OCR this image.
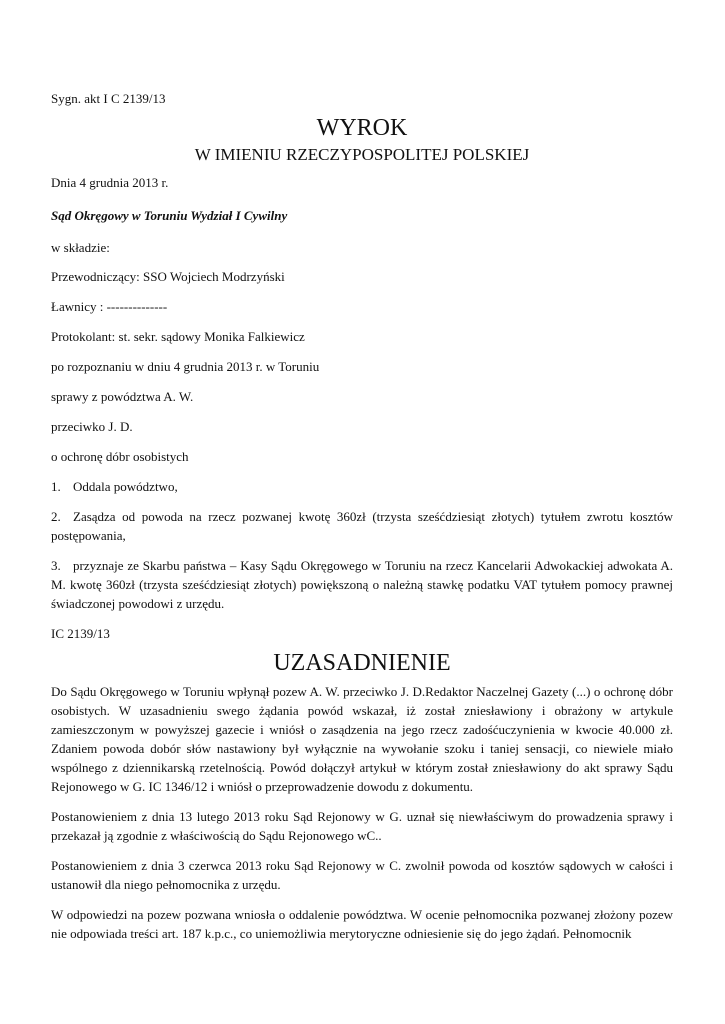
Sygn. akt I C 2139/13

WYROK

W IMIENIU RZECZYPOSPOLITEJ POLSKIEJ

Dnia 4 grudnia 2013 r.

Sąd Okręgowy w Toruniu Wydział I Cywilny

w składzie:

Przewodniczący: SSO Wojciech Modrzyński

Ławnicy : --------------

Protokolant: st. sekr. sądowy Monika Falkiewicz

po rozpoznaniu w dniu 4 grudnia 2013 r. w Toruniu

sprawy z powództwa A. W.

przeciwko J. D.

o ochronę dóbr osobistych

1. Oddala powództwo,

2. Zasądza od powoda na rzecz pozwanej kwotę 360zł (trzysta sześćdziesiąt złotych) tytułem zwrotu kosztów postępowania,

3. przyznaje ze Skarbu państwa – Kasy Sądu Okręgowego w Toruniu na rzecz Kancelarii Adwokackiej adwokata A. M. kwotę 360zł (trzysta sześćdziesiąt złotych) powiększoną o należną stawkę podatku VAT tytułem pomocy prawnej świadczonej powodowi z urzędu.

IC 2139/13

UZASADNIENIE

Do Sądu Okręgowego w Toruniu wpłynął pozew A. W. przeciwko J. D.Redaktor Naczelnej Gazety (...) o ochronę dóbr osobistych. W uzasadnieniu swego żądania powód wskazał, iż został zniesławiony i obrażony w artykule zamieszczonym w powyższej gazecie i wniósł o zasądzenia na jego rzecz zadośćuczynienia w kwocie 40.000 zł. Zdaniem powoda dobór słów nastawiony był wyłącznie na wywołanie szoku i taniej sensacji, co niewiele miało wspólnego z dziennikarską rzetelnością. Powód dołączył artykuł w którym został zniesławiony do akt sprawy Sądu Rejonowego w G. IC 1346/12 i wniósł o przeprowadzenie dowodu z dokumentu.

Postanowieniem z dnia 13 lutego 2013 roku Sąd Rejonowy w G. uznał się niewłaściwym do prowadzenia sprawy i przekazał ją zgodnie z właściwością do Sądu Rejonowego wC..

Postanowieniem z dnia 3 czerwca 2013 roku Sąd Rejonowy w C. zwolnił powoda od kosztów sądowych w całości i ustanowił dla niego pełnomocnika z urzędu.

W odpowiedzi na pozew pozwana wniosła o oddalenie powództwa. W ocenie pełnomocnika pozwanej złożony pozew nie odpowiada treści art. 187 k.p.c., co uniemożliwia merytoryczne odniesienie się do jego żądań. Pełnomocnik
